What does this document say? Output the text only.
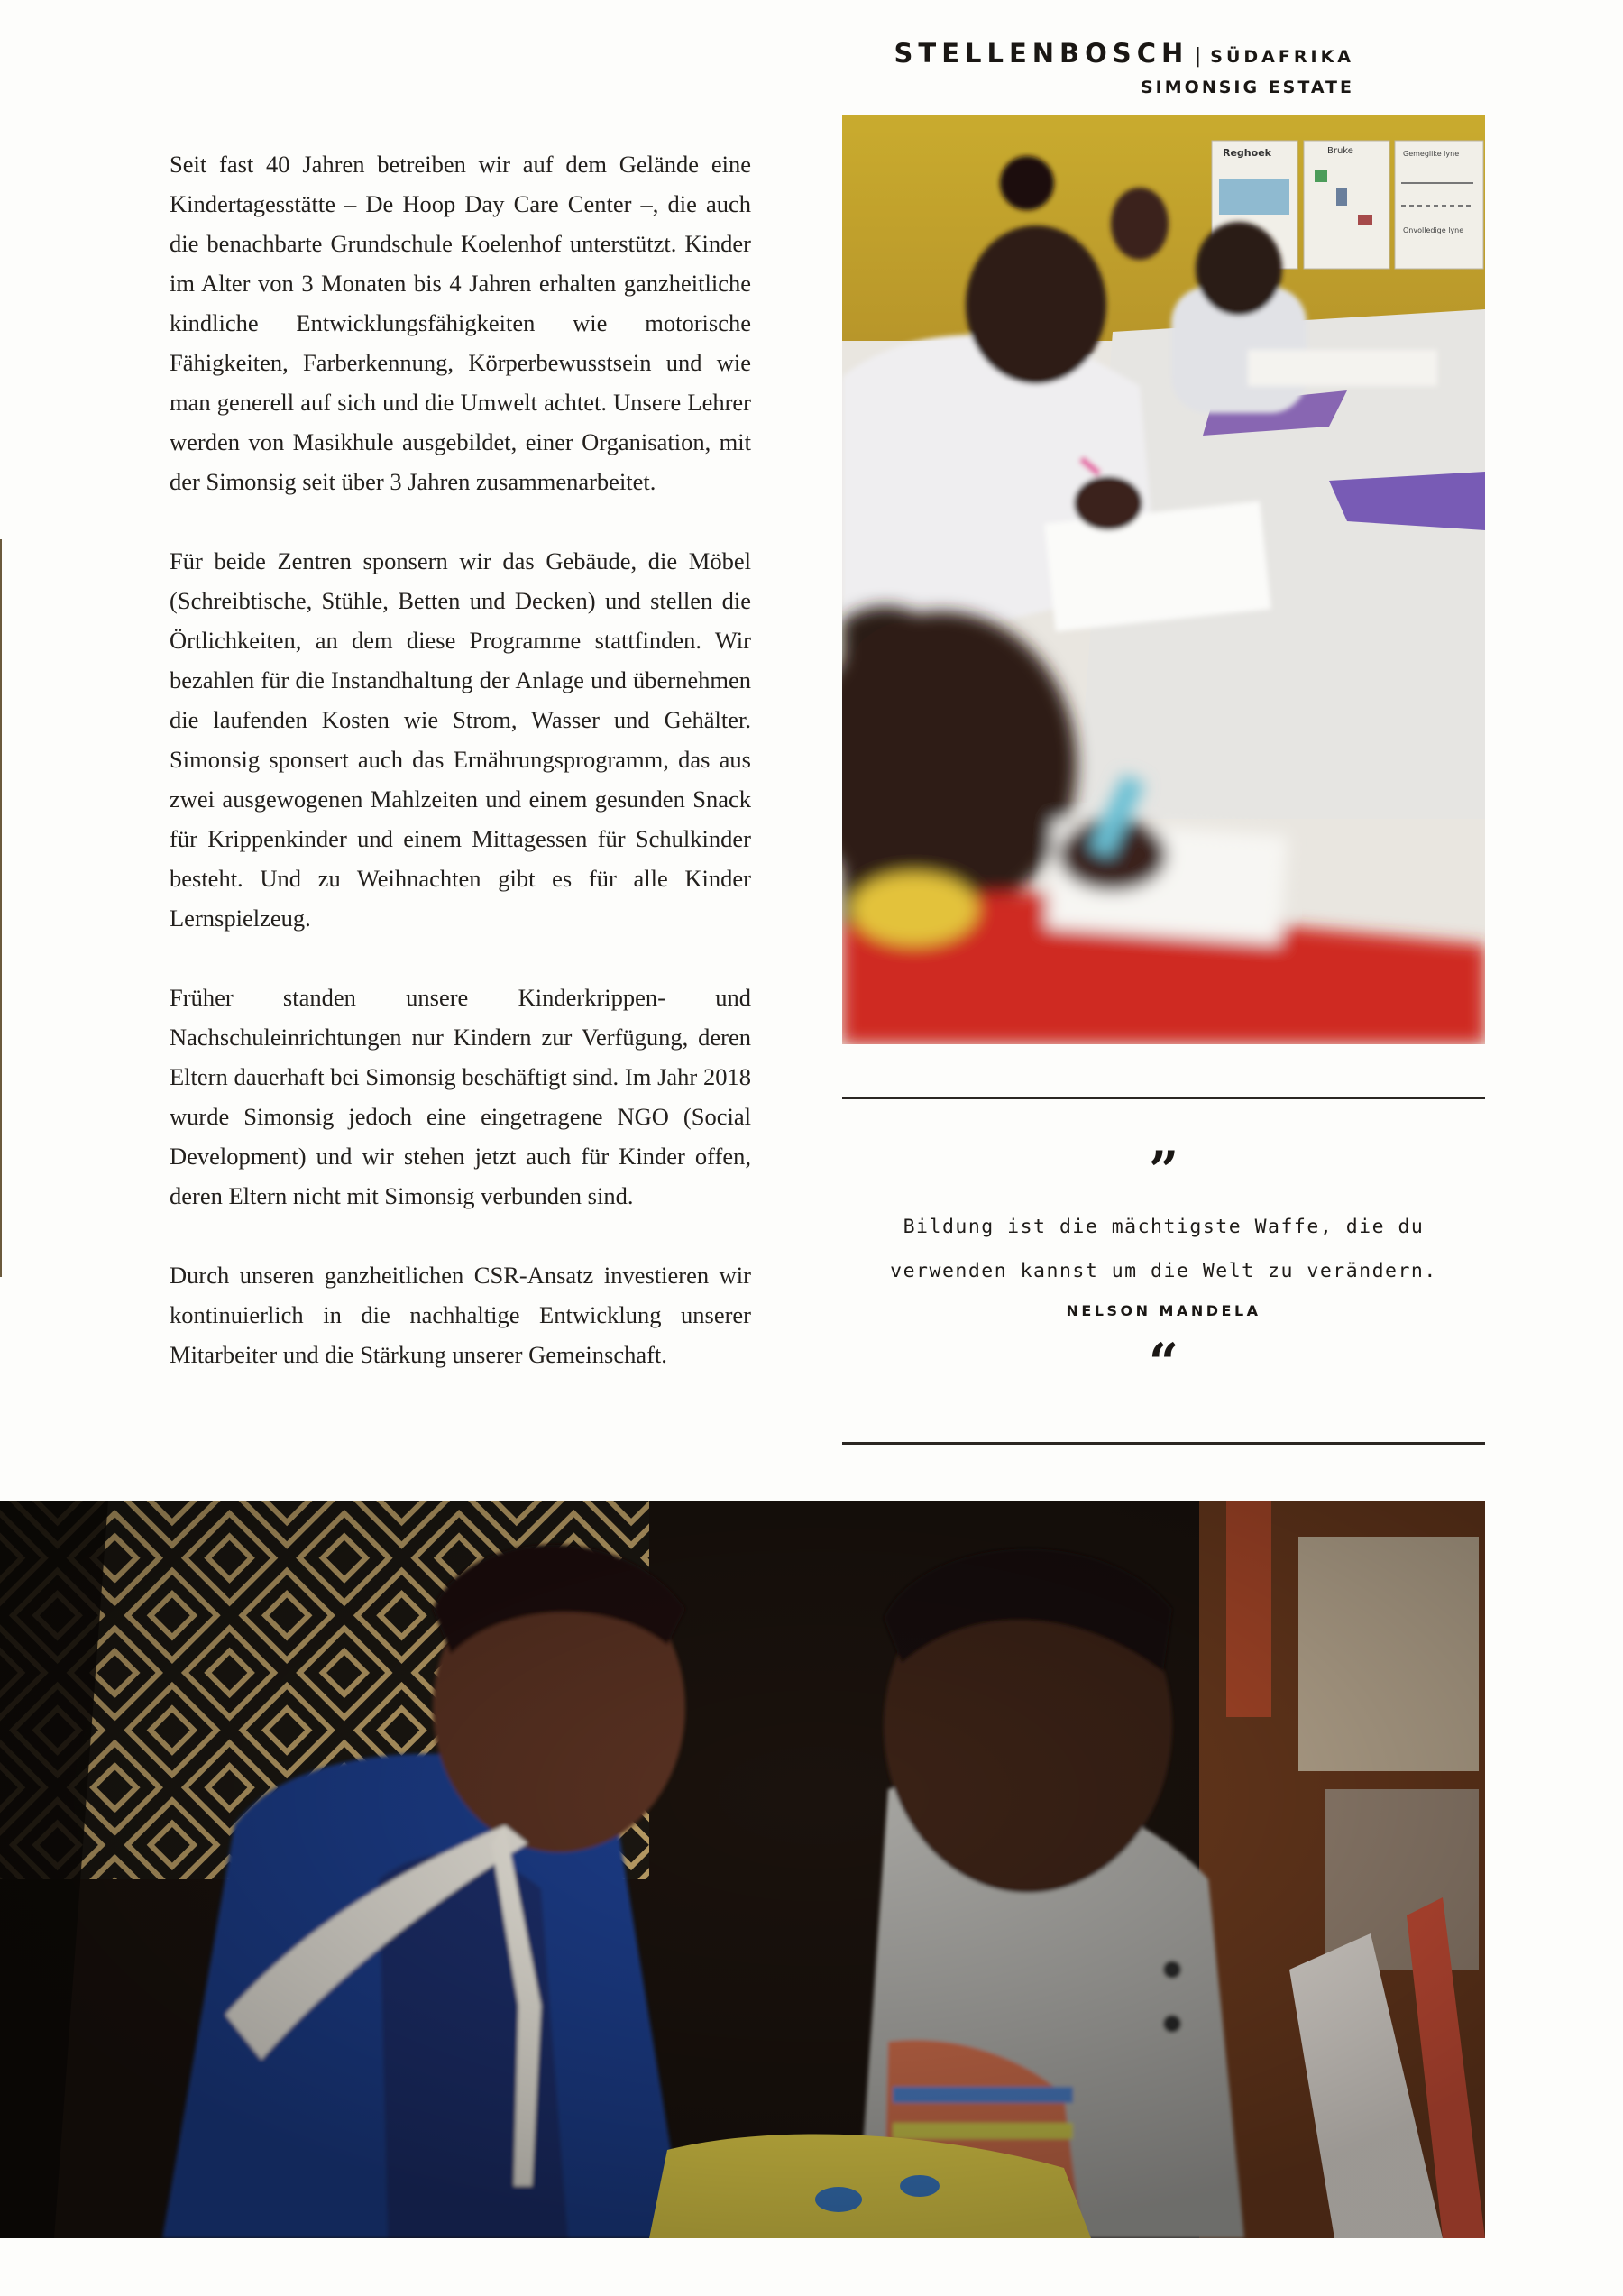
STELLENBOSCH | SÜDAFRIKA
SIMONSIG ESTATE

Seit fast 40 Jahren betreiben wir auf dem Gelände eine Kindertagesstätte – De Hoop Day Care Center –, die auch die benachbarte Grundschule Koelenhof unterstützt. Kinder im Alter von 3 Monaten bis 4 Jahren erhalten ganzheitliche kindliche Entwicklungsfähigkeiten wie motorische Fähigkeiten, Farberkennung, Körperbewusstsein und wie man generell auf sich und die Umwelt achtet. Unsere Lehrer werden von Masikhule ausgebildet, einer Organisation, mit der Simonsig seit über 3 Jahren zusammenarbeitet.

Für beide Zentren sponsern wir das Gebäude, die Möbel (Schreibtische, Stühle, Betten und Decken) und stellen die Örtlichkeiten, an dem diese Programme stattfinden. Wir bezahlen für die Instandhaltung der Anlage und übernehmen die laufenden Kosten wie Strom, Wasser und Gehälter. Simonsig sponsert auch das Ernährungsprogramm, das aus zwei ausgewogenen Mahlzeiten und einem gesunden Snack für Krippenkinder und einem Mittagessen für Schulkinder besteht. Und zu Weihnachten gibt es für alle Kinder Lernspielzeug.

Früher standen unsere Kinderkrippen- und Nachschuleinrichtungen nur Kindern zur Verfügung, deren Eltern dauerhaft bei Simonsig beschäftigt sind. Im Jahr 2018 wurde Simonsig jedoch eine eingetragene NGO (Social Development) und wir stehen jetzt auch für Kinder offen, deren Eltern nicht mit Simonsig verbunden sind.

Durch unseren ganzheitlichen CSR-Ansatz investieren wir kontinuierlich in die nachhaltige Entwicklung unserer Mitarbeiter und die Stärkung unserer Gemeinschaft.

Reghoek	Bruke	Gemeglike lyne
Onvolledige lyne
”
Bildung ist die mächtigste Waffe, die du verwenden kannst um die Welt zu verändern.
NELSON MANDELA
“
